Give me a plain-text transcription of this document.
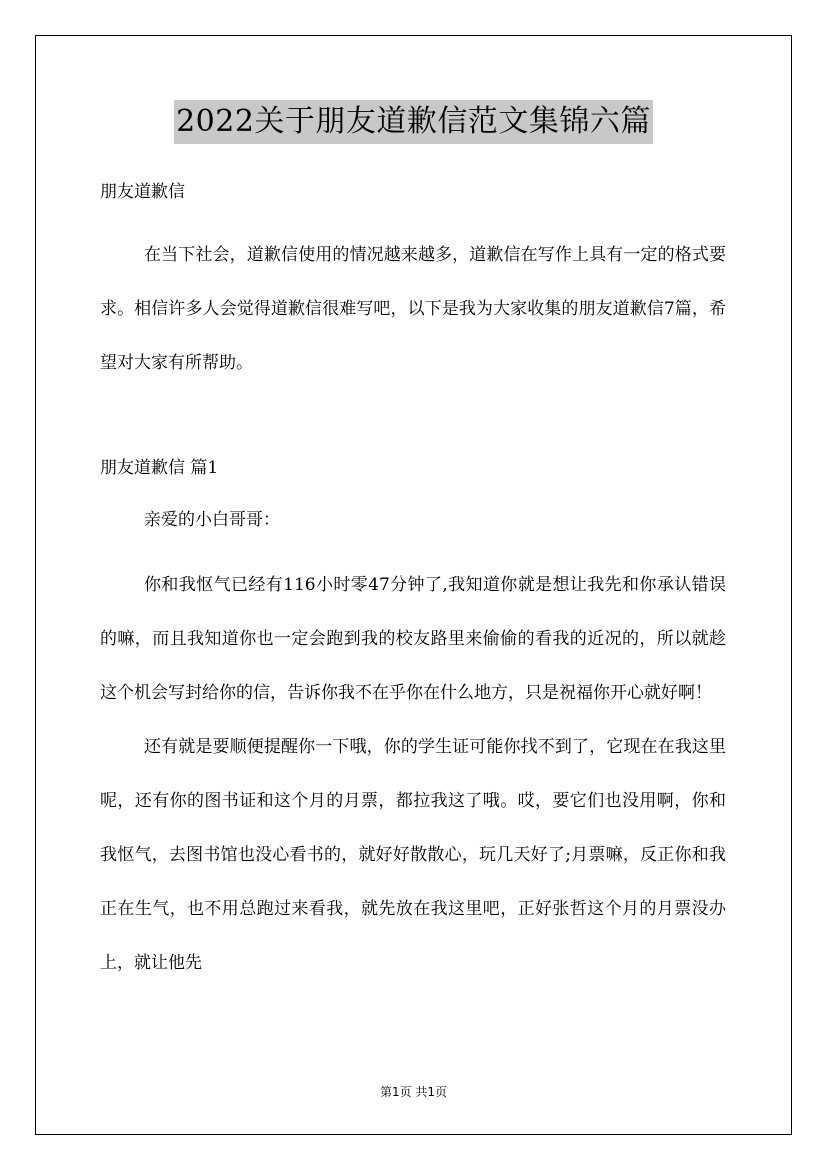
2022关于朋友道歉信范文集锦六篇

朋友道歉信

在当下社会，道歉信使用的情况越来越多，道歉信在写作上具有一定的格式要求。相信许多人会觉得道歉信很难写吧，以下是我为大家收集的朋友道歉信7篇，希望对大家有所帮助。

朋友道歉信 篇1

亲爱的小白哥哥：

你和我怄气已经有116小时零47分钟了,我知道你就是想让我先和你承认错误的嘛，而且我知道你也一定会跑到我的校友路里来偷偷的看我的近况的，所以就趁这个机会写封给你的信，告诉你我不在乎你在什么地方，只是祝福你开心就好啊！

还有就是要顺便提醒你一下哦，你的学生证可能你找不到了，它现在在我这里呢，还有你的图书证和这个月的月票，都拉我这了哦。哎，要它们也没用啊，你和我怄气，去图书馆也没心看书的，就好好散散心，玩几天好了;月票嘛，反正你和我正在生气，也不用总跑过来看我，就先放在我这里吧，正好张哲这个月的月票没办上，就让他先

第1页 共1页
